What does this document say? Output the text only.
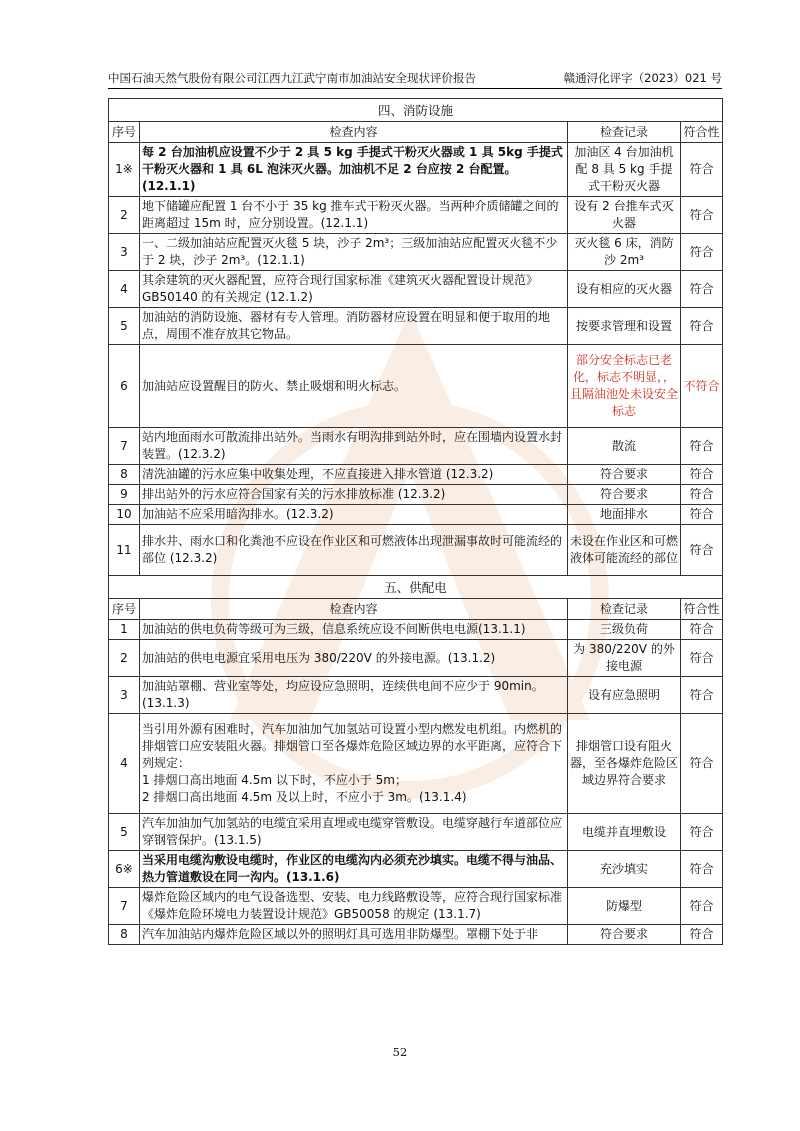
中国石油天然气股份有限公司江西九江武宁南市加油站安全现状评价报告	赣通浔化评字（2023）021 号
四、消防设施			
序号	检查内容	检查记录	符合性
1※	每 2 台加油机应设置不少于 2 具 5 kg 手提式干粉灭火器或 1 具 5kg 手提式干粉灭火器和 1 具 6L 泡沫灭火器。加油机不足 2 台应按 2 台配置。(12.1.1)	加油区 4 台加油机配 8 具 5 kg 手提式干粉灭火器	符合
2	地下储罐应配置 1 台不小于 35 kg 推车式干粉灭火器。当两种介质储罐之间的距离超过 15m 时，应分别设置。(12.1.1)	设有 2 台推车式灭火器	符合
3	一、二级加油站应配置灭火毯 5 块，沙子 2m³；三级加油站应配置灭火毯不少于 2 块，沙子 2m³。(12.1.1)	灭火毯 6 床，消防沙 2m³	符合
4	其余建筑的灭火器配置，应符合现行国家标准《建筑灭火器配置设计规范》GB50140 的有关规定 (12.1.2)	设有相应的灭火器	符合
5	加油站的消防设施、器材有专人管理。消防器材应设置在明显和便于取用的地点，周围不准存放其它物品。	按要求管理和设置	符合
6	加油站应设置醒目的防火、禁止吸烟和明火标志。	部分安全标志已老化，标志不明显，，且隔油池处未设安全标志	不符合
7	站内地面雨水可散流排出站外。当雨水有明沟排到站外时，应在围墙内设置水封装置。(12.3.2)	散流	符合
8	清洗油罐的污水应集中收集处理，不应直接进入排水管道 (12.3.2)	符合要求	符合
9	排出站外的污水应符合国家有关的污水排放标准 (12.3.2)	符合要求	符合
10	加油站不应采用暗沟排水。(12.3.2)	地面排水	符合
11	排水井、雨水口和化粪池不应设在作业区和可燃液体出现泄漏事故时可能流经的部位 (12.3.2)	未设在作业区和可燃液体可能流经的部位	符合
五、供配电			
序号	检查内容	检查记录	符合性
1	加油站的供电负荷等级可为三级，信息系统应设不间断供电电源(13.1.1)	三级负荷	符合
2	加油站的供电电源宜采用电压为 380/220V 的外接电源。(13.1.2)	为 380/220V 的外接电源	符合
3	加油站罩棚、营业室等处，均应设应急照明，连续供电间不应少于 90min。(13.1.3)	设有应急照明	符合
4	当引用外源有困难时，汽车加油加气加氢站可设置小型内燃发电机组。内燃机的排烟管口应安装阻火器。排烟管口至各爆炸危险区域边界的水平距离，应符合下列规定：
1 排烟口高出地面 4.5m 以下时，不应小于 5m；
2 排烟口高出地面 4.5m 及以上时，不应小于 3m。(13.1.4)	排烟管口设有阻火器，至各爆炸危险区域边界符合要求	符合
5	汽车加油加气加氢站的电缆宜采用直埋或电缆穿管敷设。电缆穿越行车道部位应穿钢管保护。(13.1.5)	电缆并直埋敷设	符合
6※	当采用电缆沟敷设电缆时，作业区的电缆沟内必须充沙填实。电缆不得与油品、热力管道敷设在同一沟内。(13.1.6)	充沙填实	符合
7	爆炸危险区域内的电气设备选型、安装、电力线路敷设等，应符合现行国家标准《爆炸危险环境电力装置设计规范》GB50058 的规定 (13.1.7)	防爆型	符合
8	汽车加油站内爆炸危险区域以外的照明灯具可选用非防爆型。罩棚下处于非	符合要求	符合
52
